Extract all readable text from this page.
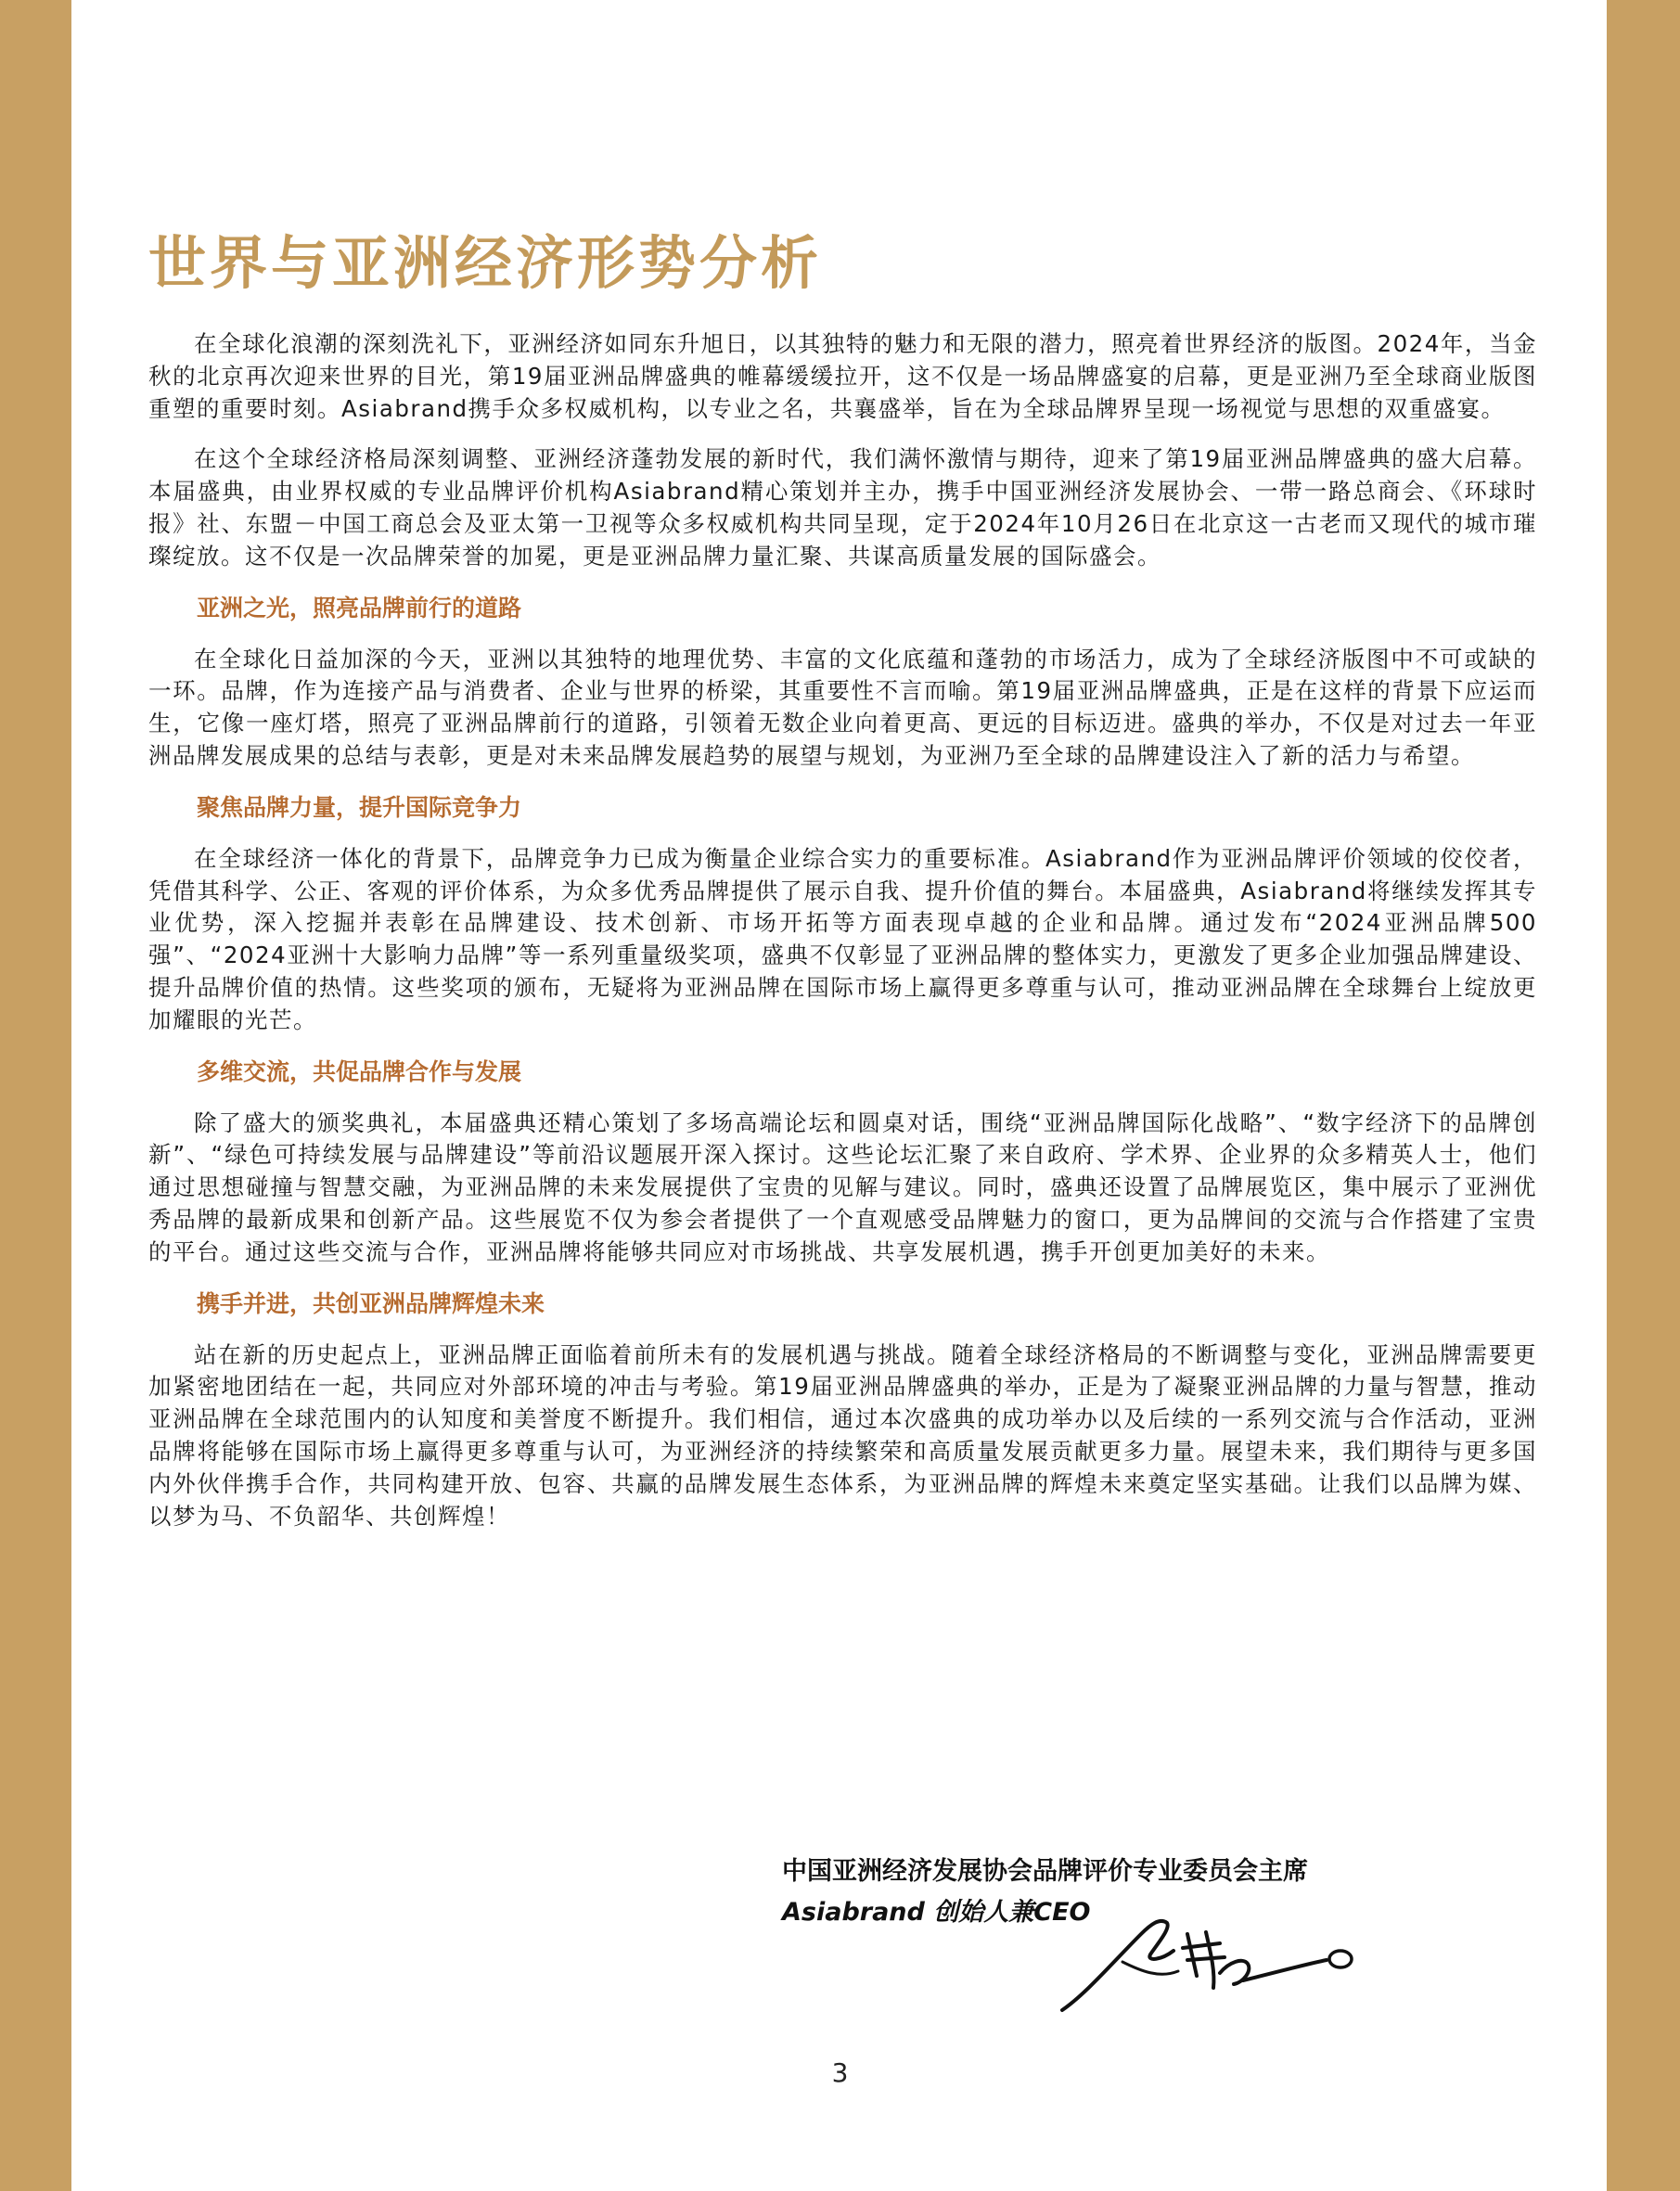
世界与亚洲经济形势分析

在全球化浪潮的深刻洗礼下，亚洲经济如同东升旭日，以其独特的魅力和无限的潜力，照亮着世界经济的版图。2024年，当金秋的北京再次迎来世界的目光，第19届亚洲品牌盛典的帷幕缓缓拉开，这不仅是一场品牌盛宴的启幕，更是亚洲乃至全球商业版图重塑的重要时刻。Asiabrand携手众多权威机构，以专业之名，共襄盛举，旨在为全球品牌界呈现一场视觉与思想的双重盛宴。

在这个全球经济格局深刻调整、亚洲经济蓬勃发展的新时代，我们满怀激情与期待，迎来了第19届亚洲品牌盛典的盛大启幕。本届盛典，由业界权威的专业品牌评价机构Asiabrand精心策划并主办，携手中国亚洲经济发展协会、一带一路总商会、《环球时报》社、东盟－中国工商总会及亚太第一卫视等众多权威机构共同呈现，定于2024年10月26日在北京这一古老而又现代的城市璀璨绽放。这不仅是一次品牌荣誉的加冕，更是亚洲品牌力量汇聚、共谋高质量发展的国际盛会。

亚洲之光，照亮品牌前行的道路

在全球化日益加深的今天，亚洲以其独特的地理优势、丰富的文化底蕴和蓬勃的市场活力，成为了全球经济版图中不可或缺的一环。品牌，作为连接产品与消费者、企业与世界的桥梁，其重要性不言而喻。第19届亚洲品牌盛典，正是在这样的背景下应运而生，它像一座灯塔，照亮了亚洲品牌前行的道路，引领着无数企业向着更高、更远的目标迈进。盛典的举办，不仅是对过去一年亚洲品牌发展成果的总结与表彰，更是对未来品牌发展趋势的展望与规划，为亚洲乃至全球的品牌建设注入了新的活力与希望。

聚焦品牌力量，提升国际竞争力

在全球经济一体化的背景下，品牌竞争力已成为衡量企业综合实力的重要标准。Asiabrand作为亚洲品牌评价领域的佼佼者，凭借其科学、公正、客观的评价体系，为众多优秀品牌提供了展示自我、提升价值的舞台。本届盛典，Asiabrand将继续发挥其专业优势，深入挖掘并表彰在品牌建设、技术创新、市场开拓等方面表现卓越的企业和品牌。通过发布“2024亚洲品牌500强”、“2024亚洲十大影响力品牌”等一系列重量级奖项，盛典不仅彰显了亚洲品牌的整体实力，更激发了更多企业加强品牌建设、提升品牌价值的热情。这些奖项的颁布，无疑将为亚洲品牌在国际市场上赢得更多尊重与认可，推动亚洲品牌在全球舞台上绽放更加耀眼的光芒。

多维交流，共促品牌合作与发展

除了盛大的颁奖典礼，本届盛典还精心策划了多场高端论坛和圆桌对话，围绕“亚洲品牌国际化战略”、“数字经济下的品牌创新”、“绿色可持续发展与品牌建设”等前沿议题展开深入探讨。这些论坛汇聚了来自政府、学术界、企业界的众多精英人士，他们通过思想碰撞与智慧交融，为亚洲品牌的未来发展提供了宝贵的见解与建议。同时，盛典还设置了品牌展览区，集中展示了亚洲优秀品牌的最新成果和创新产品。这些展览不仅为参会者提供了一个直观感受品牌魅力的窗口，更为品牌间的交流与合作搭建了宝贵的平台。通过这些交流与合作，亚洲品牌将能够共同应对市场挑战、共享发展机遇，携手开创更加美好的未来。

携手并进，共创亚洲品牌辉煌未来

站在新的历史起点上，亚洲品牌正面临着前所未有的发展机遇与挑战。随着全球经济格局的不断调整与变化，亚洲品牌需要更加紧密地团结在一起，共同应对外部环境的冲击与考验。第19届亚洲品牌盛典的举办，正是为了凝聚亚洲品牌的力量与智慧，推动亚洲品牌在全球范围内的认知度和美誉度不断提升。我们相信，通过本次盛典的成功举办以及后续的一系列交流与合作活动，亚洲品牌将能够在国际市场上赢得更多尊重与认可，为亚洲经济的持续繁荣和高质量发展贡献更多力量。展望未来，我们期待与更多国内外伙伴携手合作，共同构建开放、包容、共赢的品牌发展生态体系，为亚洲品牌的辉煌未来奠定坚实基础。让我们以品牌为媒、以梦为马、不负韶华、共创辉煌！

中国亚洲经济发展协会品牌评价专业委员会主席

Asiabrand 创始人兼CEO

3
